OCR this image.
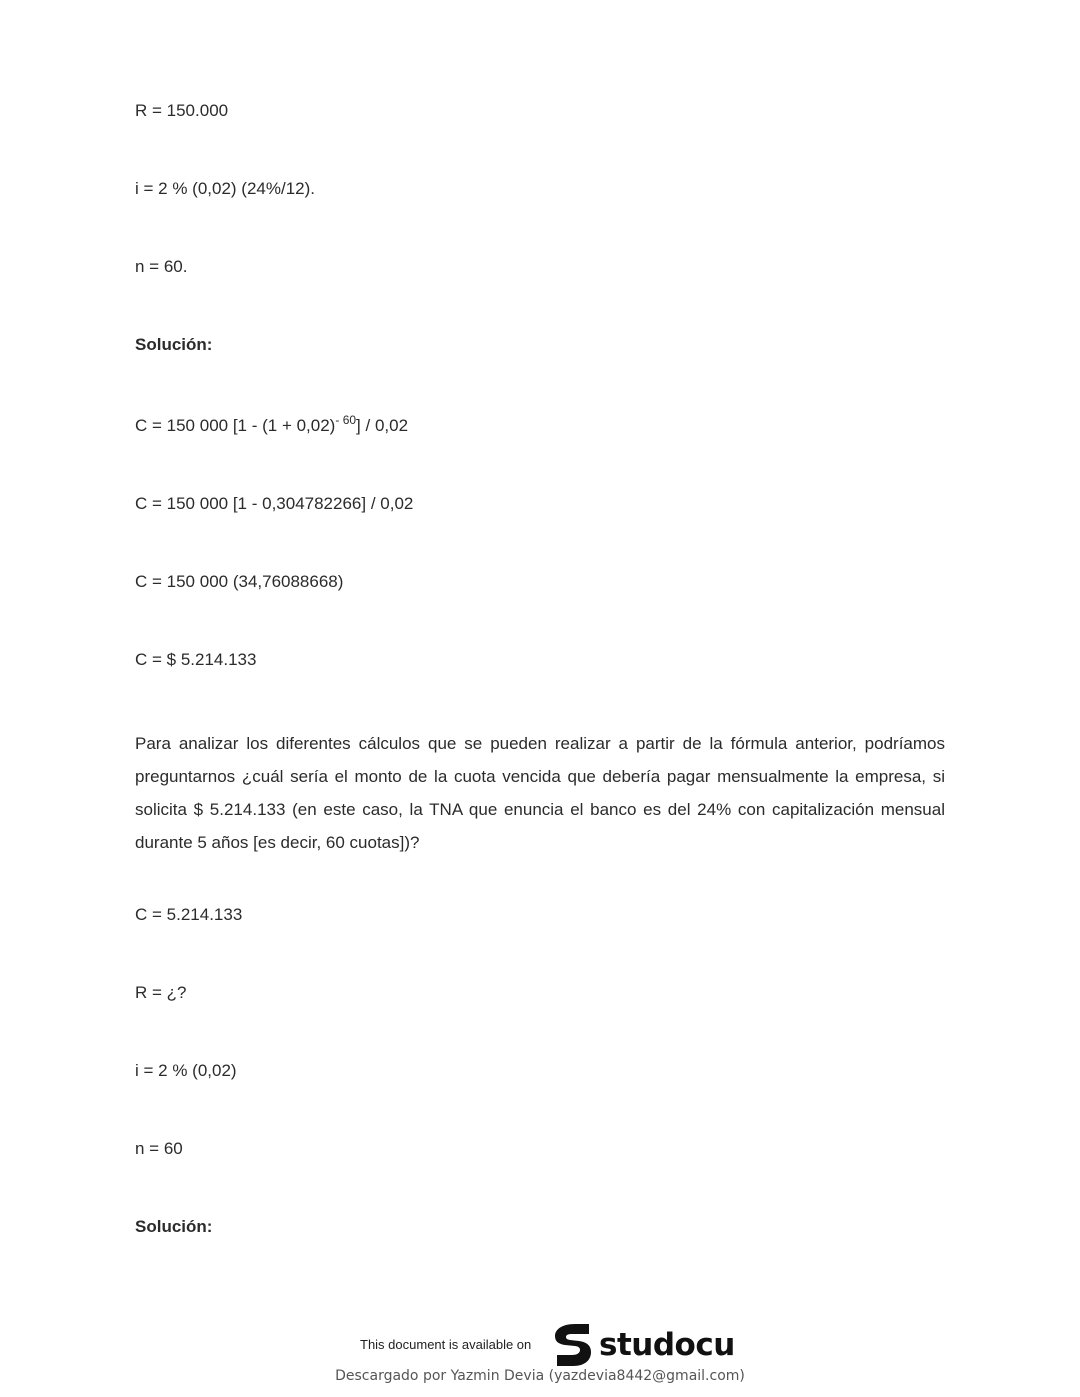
R = 150.000
i = 2 % (0,02) (24%/12).
n = 60.
Solución:
C = 150 000 $[1 - (1 + 0,02)^{- 60}] / 0,02$
C = 150 000 [1 - 0,304782266] / 0,02
C = 150 000 (34,76088668)
C = $ 5.214.133
Para analizar los diferentes cálculos que se pueden realizar a partir de la fórmula anterior, podríamos preguntarnos ¿cuál sería el monto de la cuota vencida que debería pagar mensualmente la empresa, si solicita $ 5.214.133 (en este caso, la TNA que enuncia el banco es del 24% con capitalización mensual durante 5 años [es decir, 60 cuotas])?
C = 5.214.133
R = ¿?
i = 2 % (0,02)
n = 60
Solución:
This document is available on studocu
Descargado por Yazmin Devia (yazdevia8442@gmail.com)
